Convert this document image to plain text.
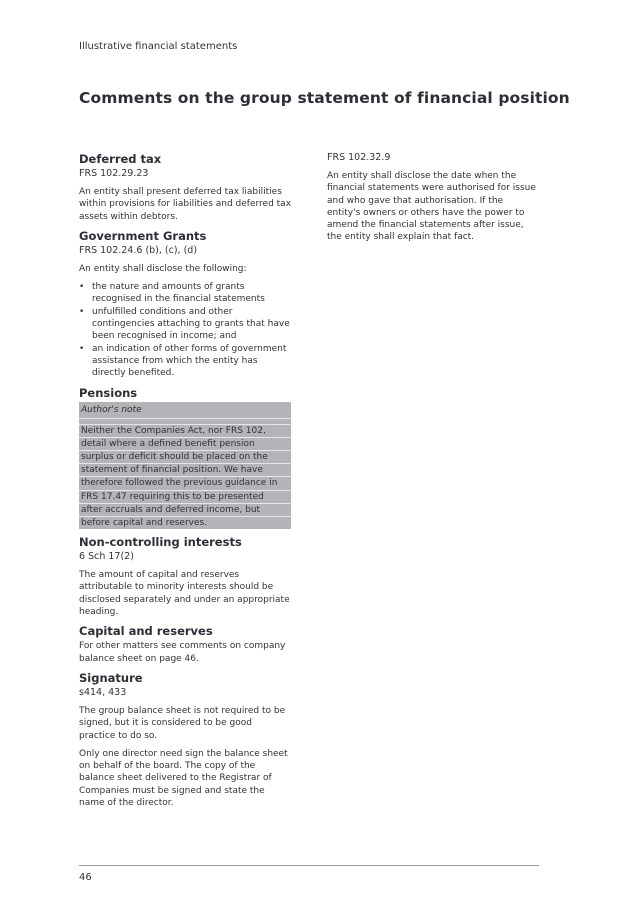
Illustrative financial statements
Comments on the group statement of financial position
Deferred tax
FRS 102.29.23

An entity shall present deferred tax liabilities within provisions for liabilities and deferred tax assets within debtors.

Government Grants
FRS 102.24.6 (b), (c), (d)

An entity shall disclose the following:

• the nature and amounts of grants recognised in the financial statements
• unfulfilled conditions and other contingencies attaching to grants that have been recognised in income; and
• an indication of other forms of government assistance from which the entity has directly benefited.
Pensions
Author's note
Neither the Companies Act, nor FRS 102,
detail where a defined benefit pension
surplus or deficit should be placed on the
statement of financial position. We have
therefore followed the previous guidance in
FRS 17.47 requiring this to be presented
after accruals and deferred income, but
before capital and reserves.
Non-controlling interests
6 Sch 17(2)

The amount of capital and reserves attributable to minority interests should be disclosed separately and under an appropriate heading.

Capital and reserves

For other matters see comments on company balance sheet on page 46.

Signature
s414, 433

The group balance sheet is not required to be signed, but it is considered to be good practice to do so.

Only one director need sign the balance sheet on behalf of the board. The copy of the balance sheet delivered to the Registrar of Companies must be signed and state the name of the director.

FRS 102.32.9

An entity shall disclose the date when the financial statements were authorised for issue and who gave that authorisation. If the entity's owners or others have the power to amend the financial statements after issue, the entity shall explain that fact.

46
